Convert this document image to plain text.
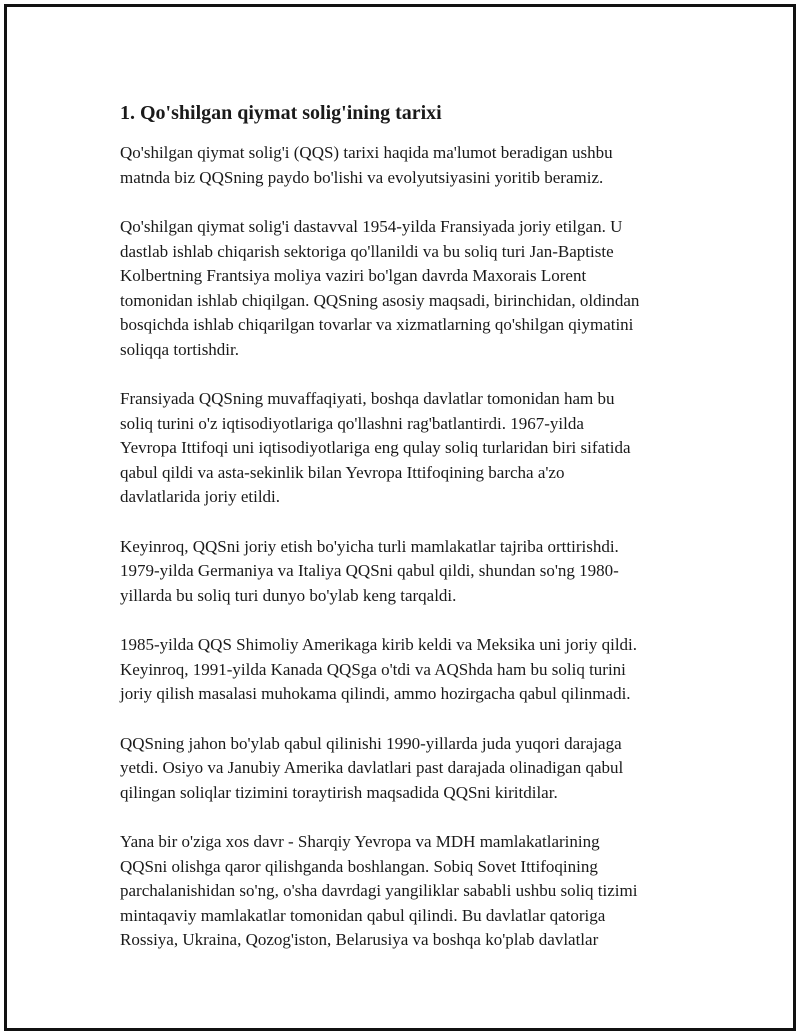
1. Qo'shilgan qiymat solig'ining tarixi

Qo'shilgan qiymat solig'i (QQS) tarixi haqida ma'lumot beradigan ushbu
matnda biz QQSning paydo bo'lishi va evolyutsiyasini yoritib beramiz.

Qo'shilgan qiymat solig'i dastavval 1954-yilda Fransiyada joriy etilgan. U
dastlab ishlab chiqarish sektoriga qo'llanildi va bu soliq turi Jan-Baptiste
Kolbertning Frantsiya moliya vaziri bo'lgan davrda Maxorais Lorent
tomonidan ishlab chiqilgan. QQSning asosiy maqsadi, birinchidan, oldindan
bosqichda ishlab chiqarilgan tovarlar va xizmatlarning qo'shilgan qiymatini
soliqqa tortishdir.

Fransiyada QQSning muvaffaqiyati, boshqa davlatlar tomonidan ham bu
soliq turini o'z iqtisodiyotlariga qo'llashni rag'batlantirdi. 1967-yilda
Yevropa Ittifoqi uni iqtisodiyotlariga eng qulay soliq turlaridan biri sifatida
qabul qildi va asta-sekinlik bilan Yevropa Ittifoqining barcha a'zo
davlatlarida joriy etildi.

Keyinroq, QQSni joriy etish bo'yicha turli mamlakatlar tajriba orttirishdi.
1979-yilda Germaniya va Italiya QQSni qabul qildi, shundan so'ng 1980-
yillarda bu soliq turi dunyo bo'ylab keng tarqaldi.

1985-yilda QQS Shimoliy Amerikaga kirib keldi va Meksika uni joriy qildi.
Keyinroq, 1991-yilda Kanada QQSga o'tdi va AQShda ham bu soliq turini
joriy qilish masalasi muhokama qilindi, ammo hozirgacha qabul qilinmadi.

QQSning jahon bo'ylab qabul qilinishi 1990-yillarda juda yuqori darajaga
yetdi. Osiyo va Janubiy Amerika davlatlari past darajada olinadigan qabul
qilingan soliqlar tizimini toraytirish maqsadida QQSni kiritdilar.

Yana bir o'ziga xos davr - Sharqiy Yevropa va MDH mamlakatlarining
QQSni olishga qaror qilishganda boshlangan. Sobiq Sovet Ittifoqining
parchalanishidan so'ng, o'sha davrdagi yangiliklar sababli ushbu soliq tizimi
mintaqaviy mamlakatlar tomonidan qabul qilindi. Bu davlatlar qatoriga
Rossiya, Ukraina, Qozog'iston, Belarusiya va boshqa ko'plab davlatlar
